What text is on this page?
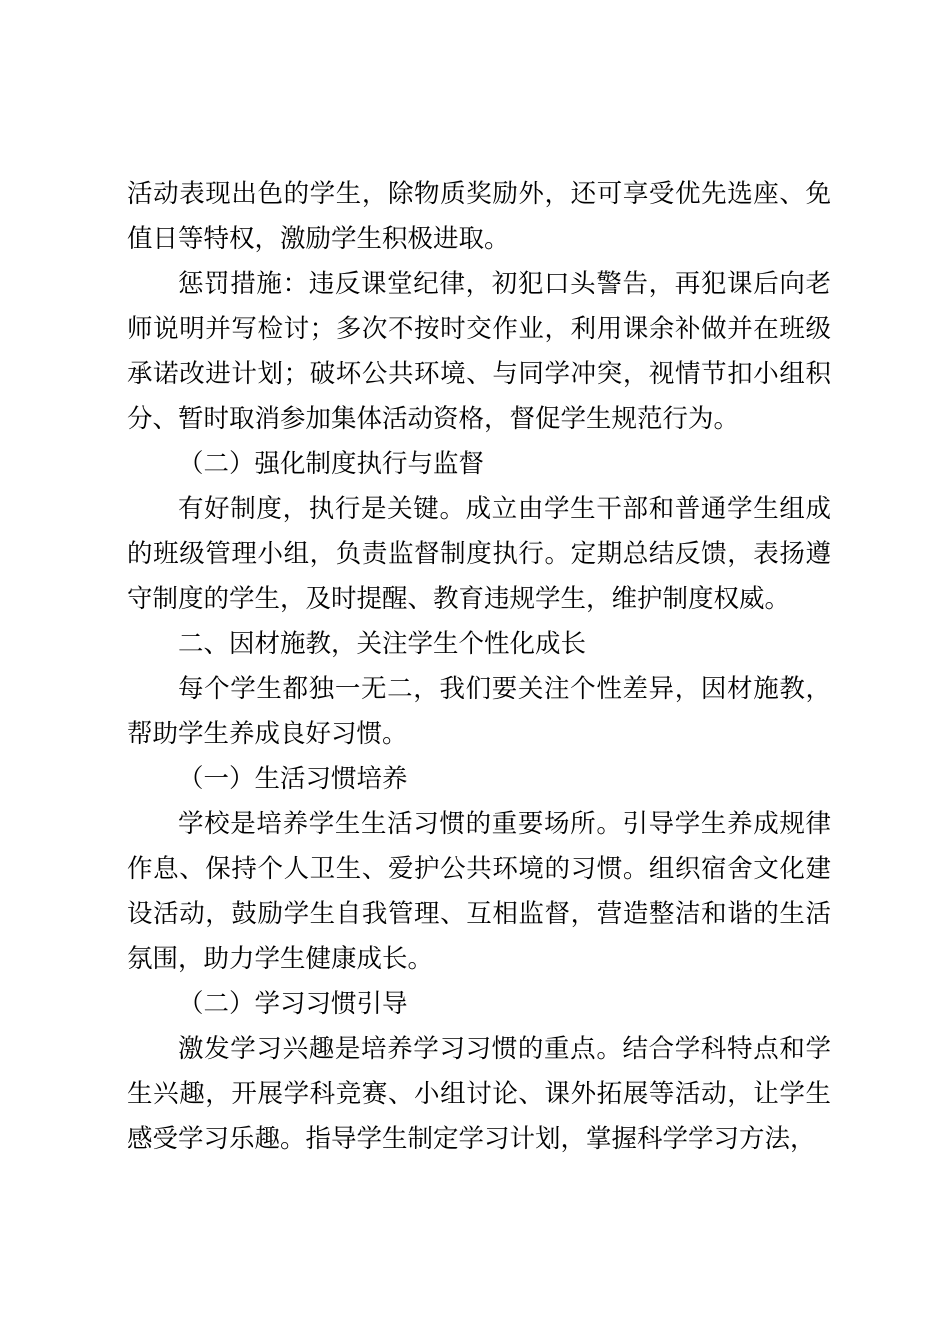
活动表现出色的学生，除物质奖励外，还可享受优先选座、免值日等特权，激励学生积极进取。

惩罚措施：违反课堂纪律，初犯口头警告，再犯课后向老师说明并写检讨；多次不按时交作业，利用课余补做并在班级承诺改进计划；破坏公共环境、与同学冲突，视情节扣小组积分、暂时取消参加集体活动资格，督促学生规范行为。

（二）强化制度执行与监督

有好制度，执行是关键。成立由学生干部和普通学生组成的班级管理小组，负责监督制度执行。定期总结反馈，表扬遵守制度的学生，及时提醒、教育违规学生，维护制度权威。

二、因材施教，关注学生个性化成长

每个学生都独一无二，我们要关注个性差异，因材施教，帮助学生养成良好习惯。

（一）生活习惯培养

学校是培养学生生活习惯的重要场所。引导学生养成规律作息、保持个人卫生、爱护公共环境的习惯。组织宿舍文化建设活动，鼓励学生自我管理、互相监督，营造整洁和谐的生活氛围，助力学生健康成长。

（二）学习习惯引导

激发学习兴趣是培养学习习惯的重点。结合学科特点和学生兴趣，开展学科竞赛、小组讨论、课外拓展等活动，让学生感受学习乐趣。指导学生制定学习计划，掌握科学学习方法，
